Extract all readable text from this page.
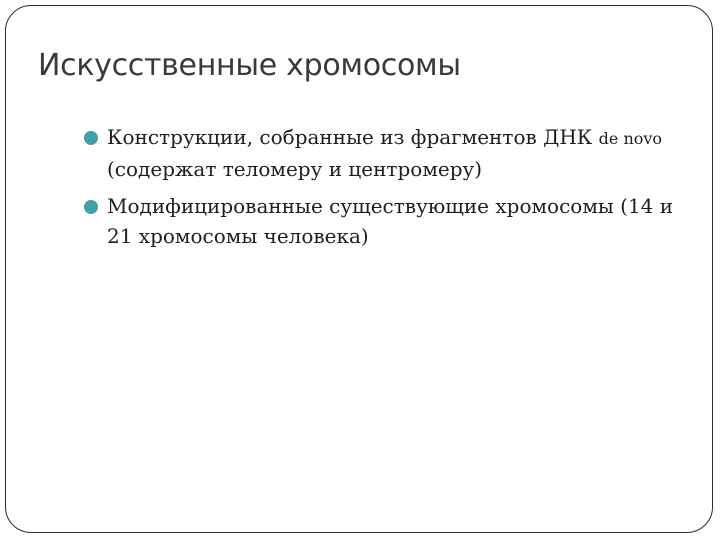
Искусственные хромосомы
Конструкции, собранные из фрагментов ДНК de novo (содержат теломеру и центромеру)
Модифицированные существующие хромосомы (14 и 21 хромосомы человека)
